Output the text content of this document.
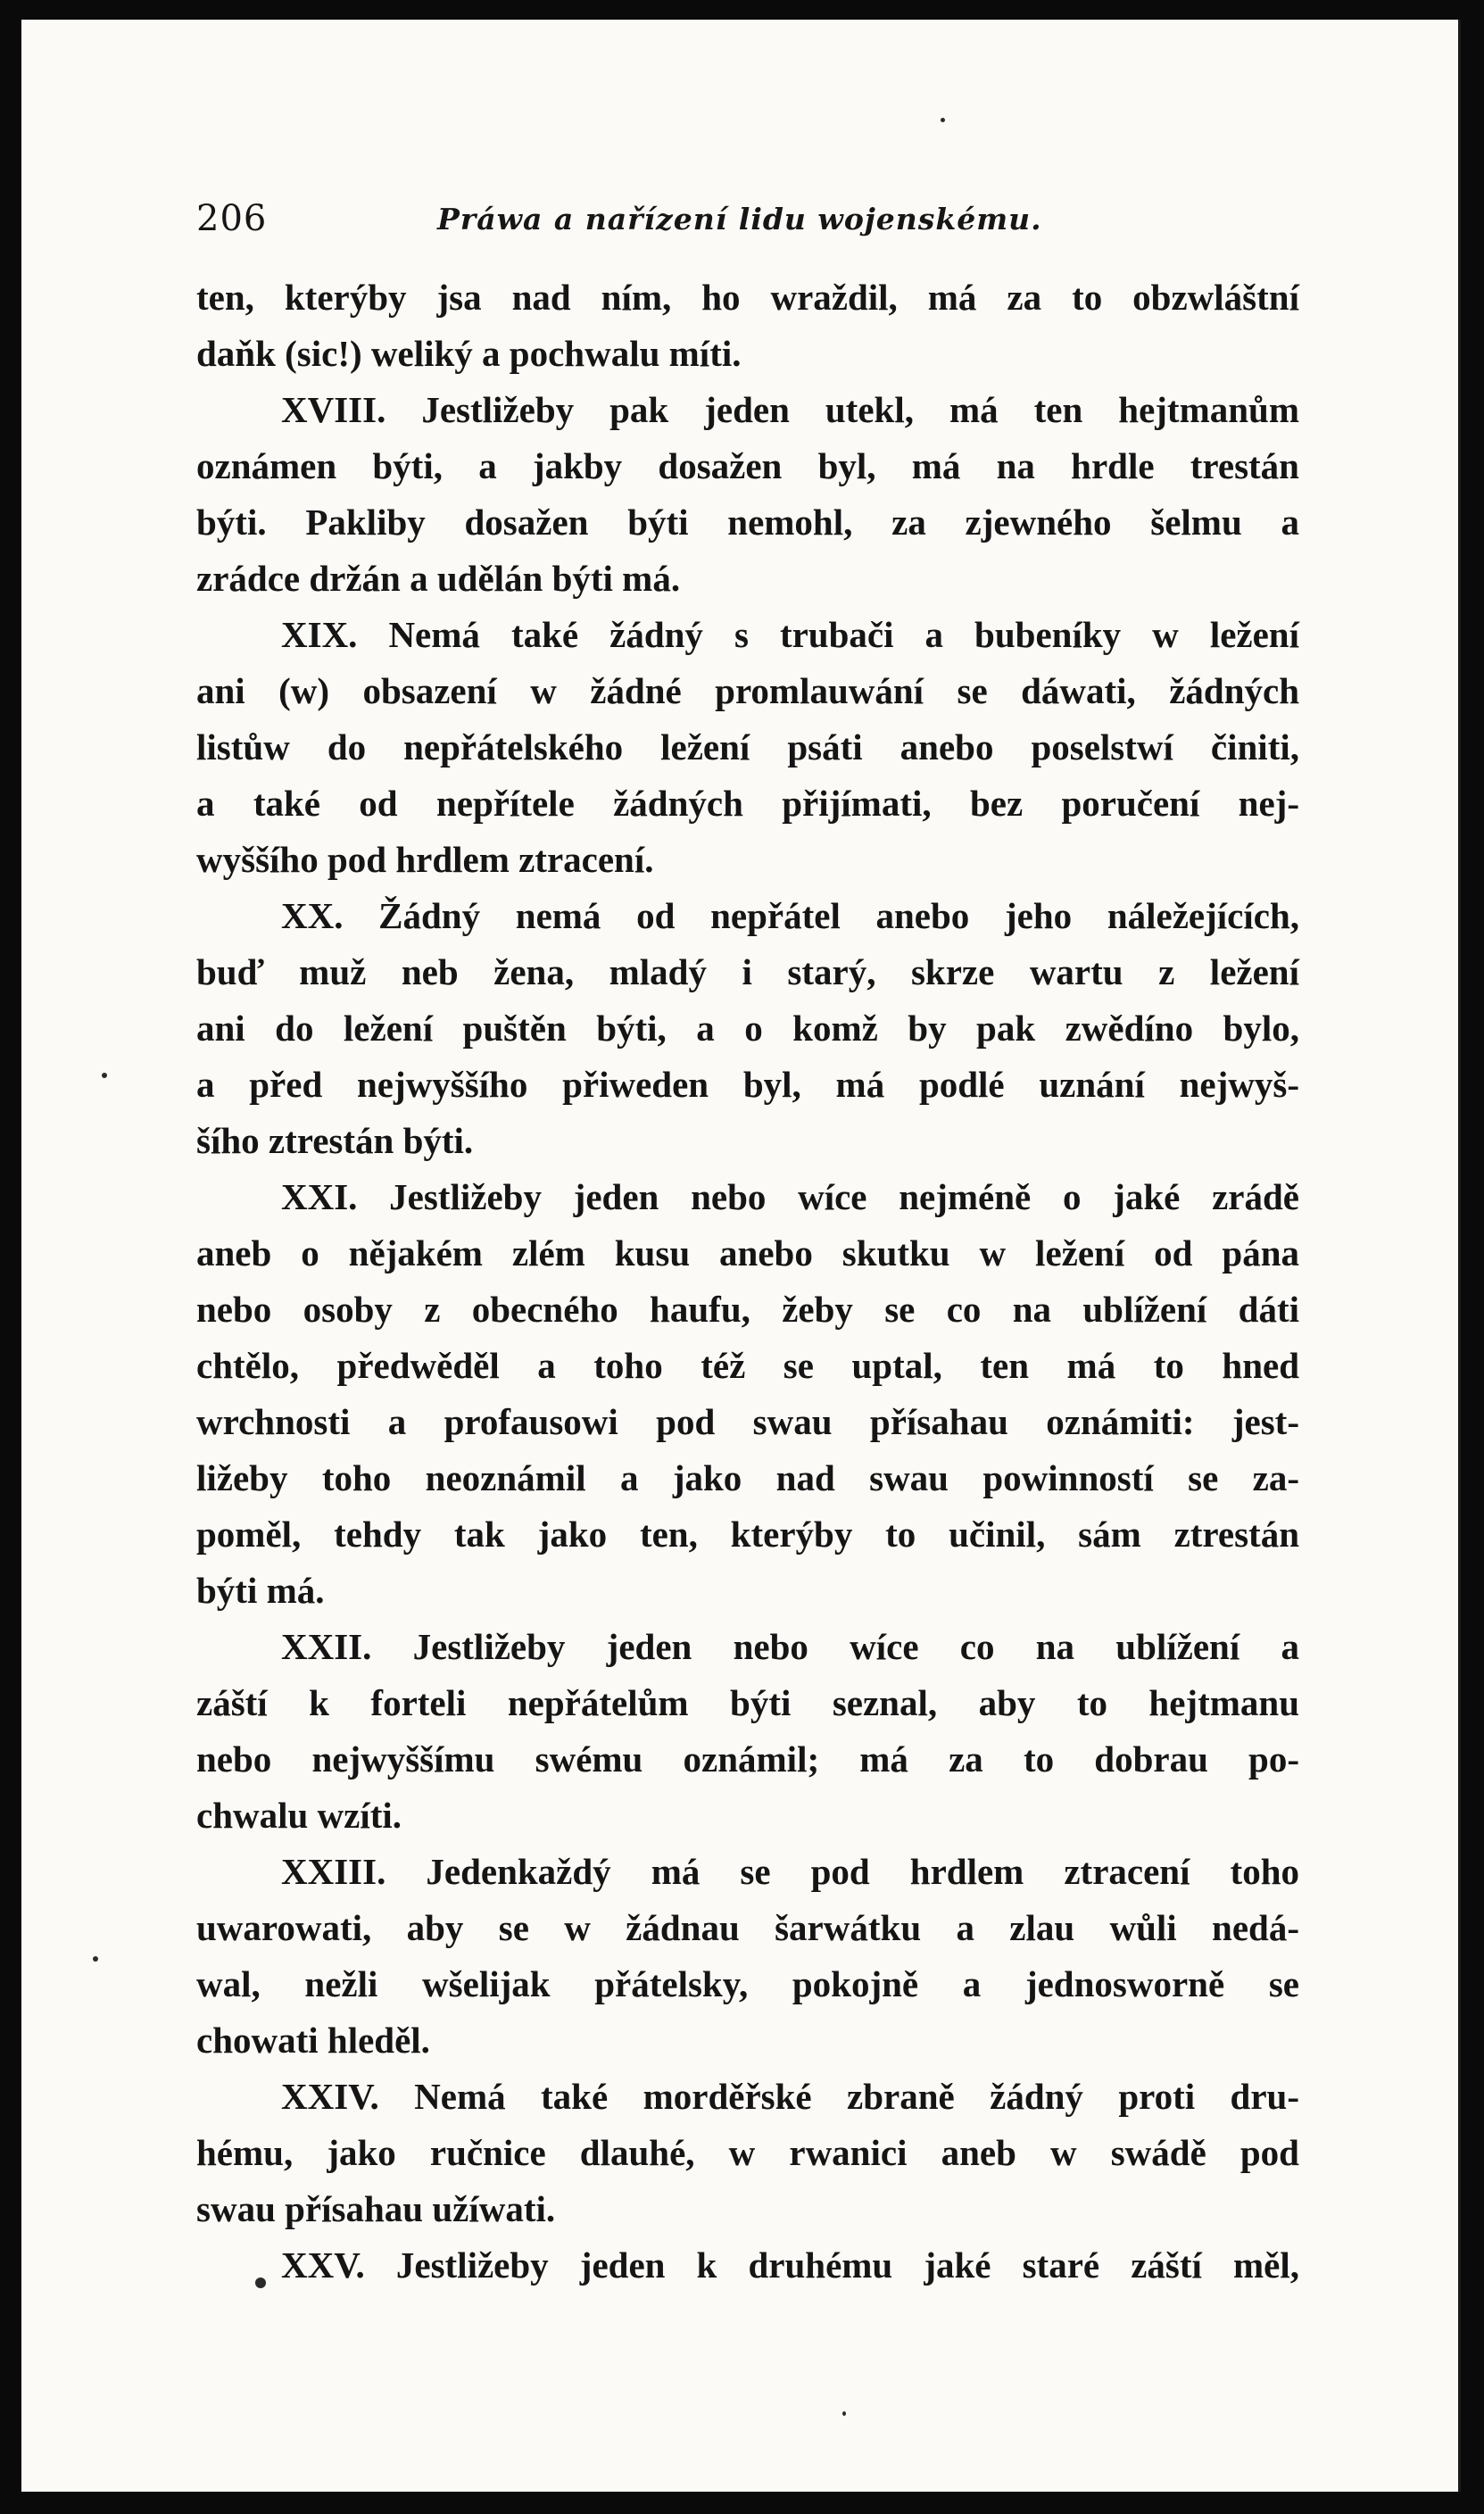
206	Práwa a nařízení lidu wojenskému.
ten, kterýby jsa nad ním, ho wraždil, má za to obzwláštní
daňk (sic!) weliký a pochwalu míti.
XVIII. Jestližeby pak jeden utekl, má ten hejtmanům
oznámen býti, a jakby dosažen byl, má na hrdle trestán
býti. Pakliby dosažen býti nemohl, za zjewného šelmu a
zrádce držán a udělán býti má.
XIX. Nemá také žádný s trubači a bubeníky w ležení
ani (w) obsazení w žádné promlauwání se dáwati, žádných
listůw do nepřátelského ležení psáti anebo poselstwí činiti,
a také od nepřítele žádných přijímati, bez poručení nej-
wyššího pod hrdlem ztracení.
XX. Žádný nemá od nepřátel anebo jeho náležejících,
buď muž neb žena, mladý i starý, skrze wartu z ležení
ani do ležení puštěn býti, a o komž by pak zwědíno bylo,
a před nejwyššího přiweden byl, má podlé uznání nejwyš-
šího ztrestán býti.
XXI. Jestližeby jeden nebo wíce nejméně o jaké zrádě
aneb o nějakém zlém kusu anebo skutku w ležení od pána
nebo osoby z obecného haufu, žeby se co na ublížení dáti
chtělo, předwěděl a toho též se uptal, ten má to hned
wrchnosti a profausowi pod swau přísahau oznámiti: jest-
ližeby toho neoznámil a jako nad swau powinností se za-
poměl, tehdy tak jako ten, kterýby to učinil, sám ztrestán
býti má.
XXII. Jestližeby jeden nebo wíce co na ublížení a
záští k forteli nepřátelům býti seznal, aby to hejtmanu
nebo nejwyššímu swému oznámil; má za to dobrau po-
chwalu wzíti.
XXIII. Jedenkaždý má se pod hrdlem ztracení toho
uwarowati, aby se w žádnau šarwátku a zlau wůli nedá-
wal, nežli wšelijak přátelsky, pokojně a jednosworně se
chowati hleděl.
XXIV. Nemá také morděřské zbraně žádný proti dru-
hému, jako ručnice dlauhé, w rwanici aneb w swádě pod
swau přísahau užíwati.
XXV. Jestližeby jeden k druhému jaké staré záští měl,
